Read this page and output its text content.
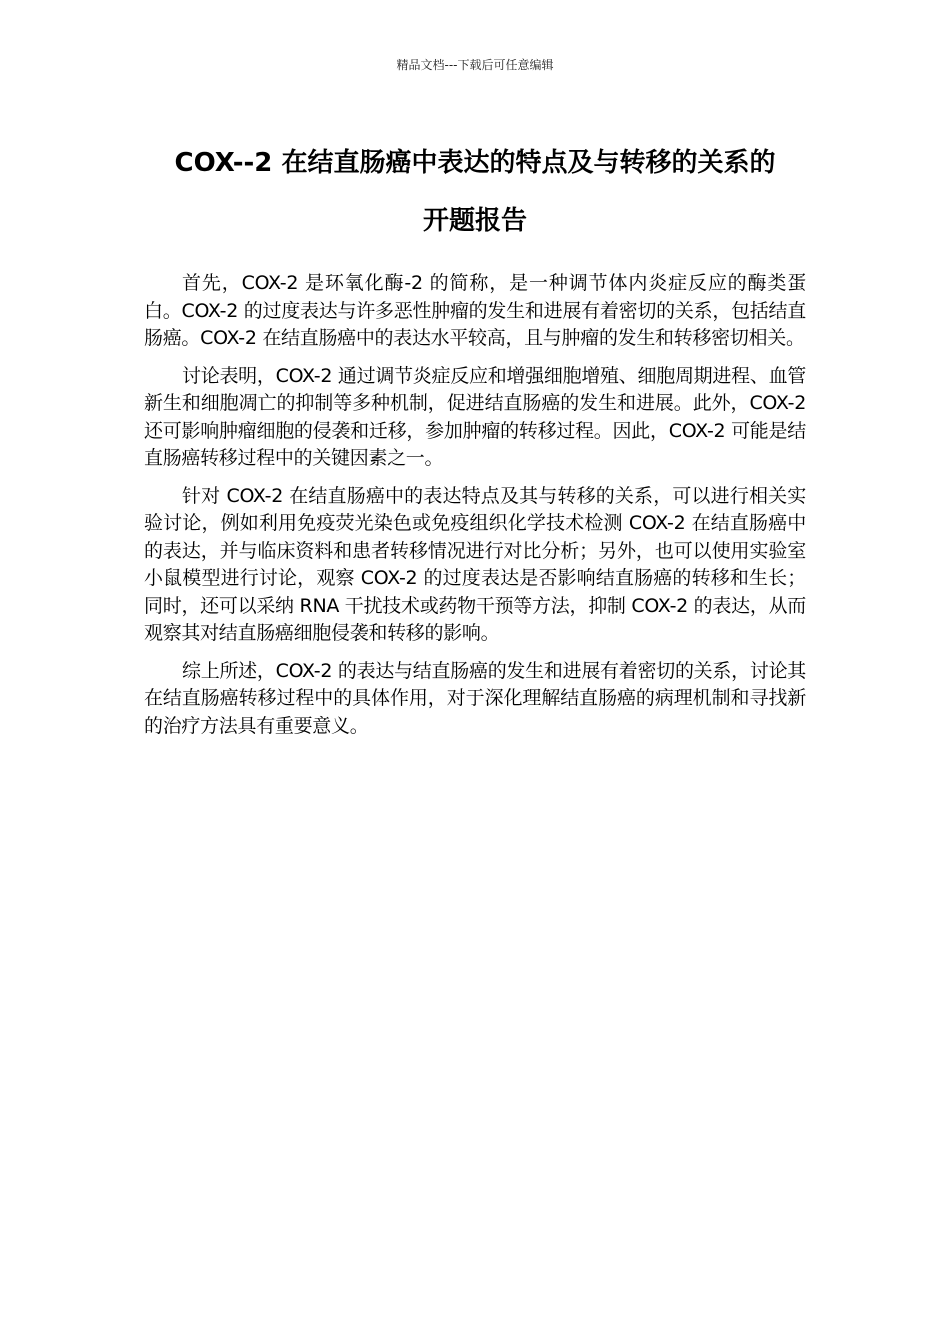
精品文档---下载后可任意编辑
COX--2 在结直肠癌中表达的特点及与转移的关系的
开题报告

首先，COX-2 是环氧化酶-2 的简称，是一种调节体内炎症反应的酶类蛋白。COX-2 的过度表达与许多恶性肿瘤的发生和进展有着密切的关系，包括结直肠癌。COX-2 在结直肠癌中的表达水平较高，且与肿瘤的发生和转移密切相关。

讨论表明，COX-2 通过调节炎症反应和增强细胞增殖、细胞周期进程、血管新生和细胞凋亡的抑制等多种机制，促进结直肠癌的发生和进展。此外，COX-2 还可影响肿瘤细胞的侵袭和迁移，参加肿瘤的转移过程。因此，COX-2 可能是结直肠癌转移过程中的关键因素之一。

针对 COX-2 在结直肠癌中的表达特点及其与转移的关系，可以进行相关实验讨论，例如利用免疫荧光染色或免疫组织化学技术检测 COX-2 在结直肠癌中的表达，并与临床资料和患者转移情况进行对比分析；另外，也可以使用实验室小鼠模型进行讨论，观察 COX-2 的过度表达是否影响结直肠癌的转移和生长；同时，还可以采纳 RNA 干扰技术或药物干预等方法，抑制 COX-2 的表达，从而观察其对结直肠癌细胞侵袭和转移的影响。

综上所述，COX-2 的表达与结直肠癌的发生和进展有着密切的关系，讨论其在结直肠癌转移过程中的具体作用，对于深化理解结直肠癌的病理机制和寻找新的治疗方法具有重要意义。
